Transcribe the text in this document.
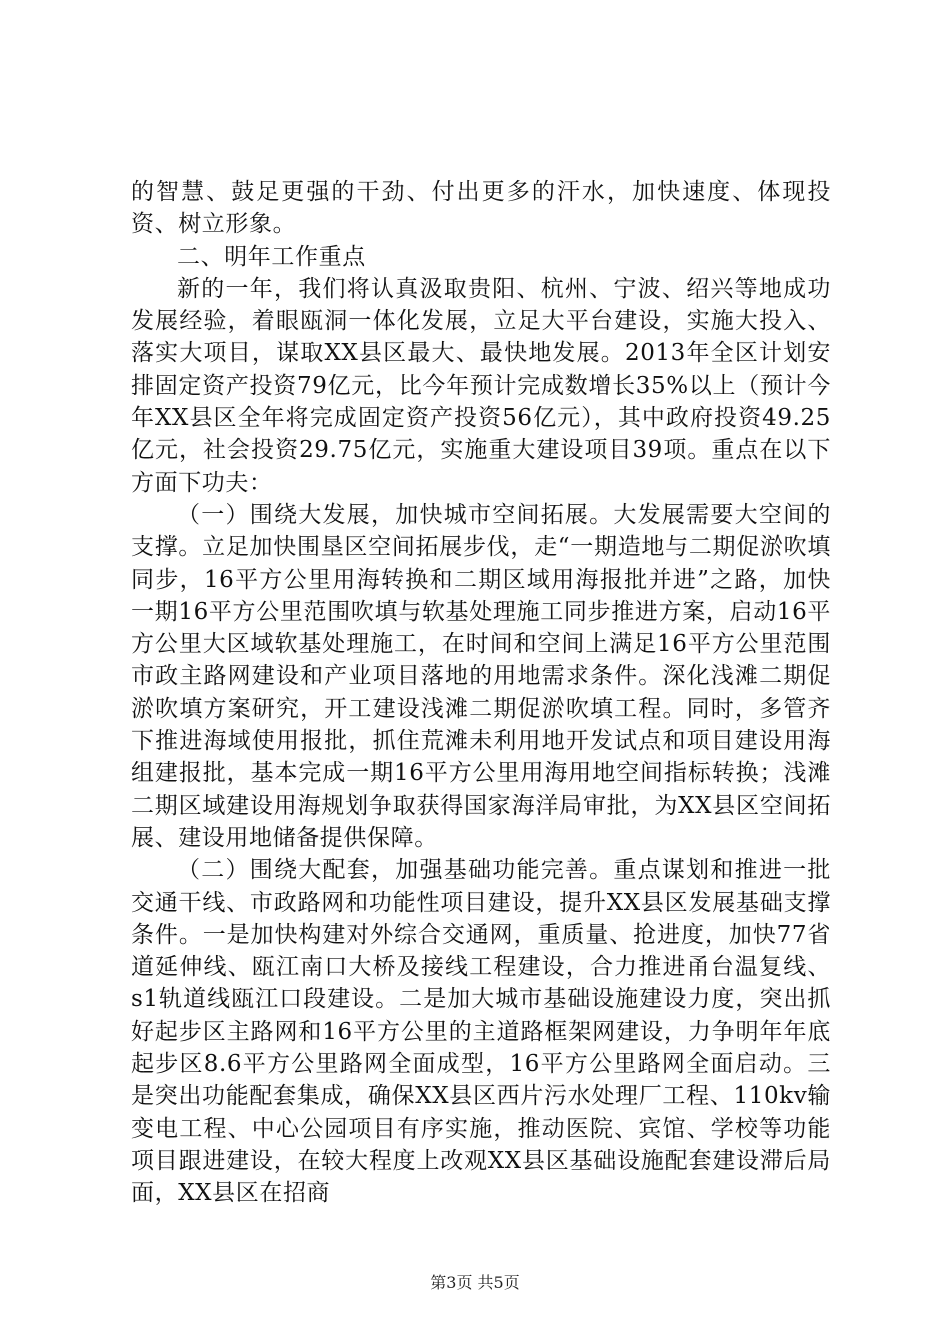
的智慧、鼓足更强的干劲、付出更多的汗水，加快速度、体现投资、树立形象。

二、明年工作重点

新的一年，我们将认真汲取贵阳、杭州、宁波、绍兴等地成功发展经验，着眼瓯洞一体化发展，立足大平台建设，实施大投入、落实大项目，谋取XX县区最大、最快地发展。2013年全区计划安排固定资产投资79亿元，比今年预计完成数增长35%以上（预计今年XX县区全年将完成固定资产投资56亿元），其中政府投资49.25亿元，社会投资29.75亿元，实施重大建设项目39项。重点在以下方面下功夫：

（一）围绕大发展，加快城市空间拓展。大发展需要大空间的支撑。立足加快围垦区空间拓展步伐，走“一期造地与二期促淤吹填同步，16平方公里用海转换和二期区域用海报批并进”之路，加快一期16平方公里范围吹填与软基处理施工同步推进方案，启动16平方公里大区域软基处理施工，在时间和空间上满足16平方公里范围市政主路网建设和产业项目落地的用地需求条件。深化浅滩二期促淤吹填方案研究，开工建设浅滩二期促淤吹填工程。同时，多管齐下推进海域使用报批，抓住荒滩未利用地开发试点和项目建设用海组建报批，基本完成一期16平方公里用海用地空间指标转换；浅滩二期区域建设用海规划争取获得国家海洋局审批，为XX县区空间拓展、建设用地储备提供保障。

（二）围绕大配套，加强基础功能完善。重点谋划和推进一批交通干线、市政路网和功能性项目建设，提升XX县区发展基础支撑条件。一是加快构建对外综合交通网，重质量、抢进度，加快77省道延伸线、瓯江南口大桥及接线工程建设，合力推进甬台温复线、s1轨道线瓯江口段建设。二是加大城市基础设施建设力度，突出抓好起步区主路网和16平方公里的主道路框架网建设，力争明年年底起步区8.6平方公里路网全面成型，16平方公里路网全面启动。三是突出功能配套集成，确保XX县区西片污水处理厂工程、110kv输变电工程、中心公园项目有序实施，推动医院、宾馆、学校等功能项目跟进建设，在较大程度上改观XX县区基础设施配套建设滞后局面，XX县区在招商

第3页 共5页
